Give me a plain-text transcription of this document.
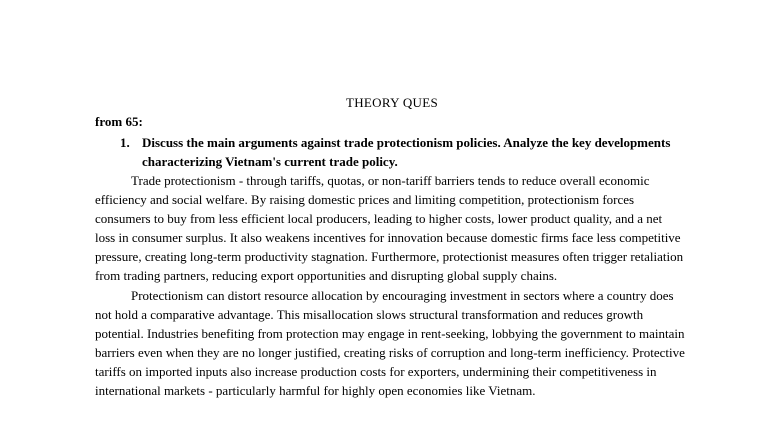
THEORY QUES
from 65:
1. Discuss the main arguments against trade protectionism policies. Analyze the key developments characterizing Vietnam's current trade policy.

Trade protectionism - through tariffs, quotas, or non-tariff barriers tends to reduce overall economic efficiency and social welfare. By raising domestic prices and limiting competition, protectionism forces consumers to buy from less efficient local producers, leading to higher costs, lower product quality, and a net loss in consumer surplus. It also weakens incentives for innovation because domestic firms face less competitive pressure, creating long-term productivity stagnation. Furthermore, protectionist measures often trigger retaliation from trading partners, reducing export opportunities and disrupting global supply chains.

Protectionism can distort resource allocation by encouraging investment in sectors where a country does not hold a comparative advantage. This misallocation slows structural transformation and reduces growth potential. Industries benefiting from protection may engage in rent-seeking, lobbying the government to maintain barriers even when they are no longer justified, creating risks of corruption and long-term inefficiency. Protective tariffs on imported inputs also increase production costs for exporters, undermining their competitiveness in international markets - particularly harmful for highly open economies like Vietnam.
